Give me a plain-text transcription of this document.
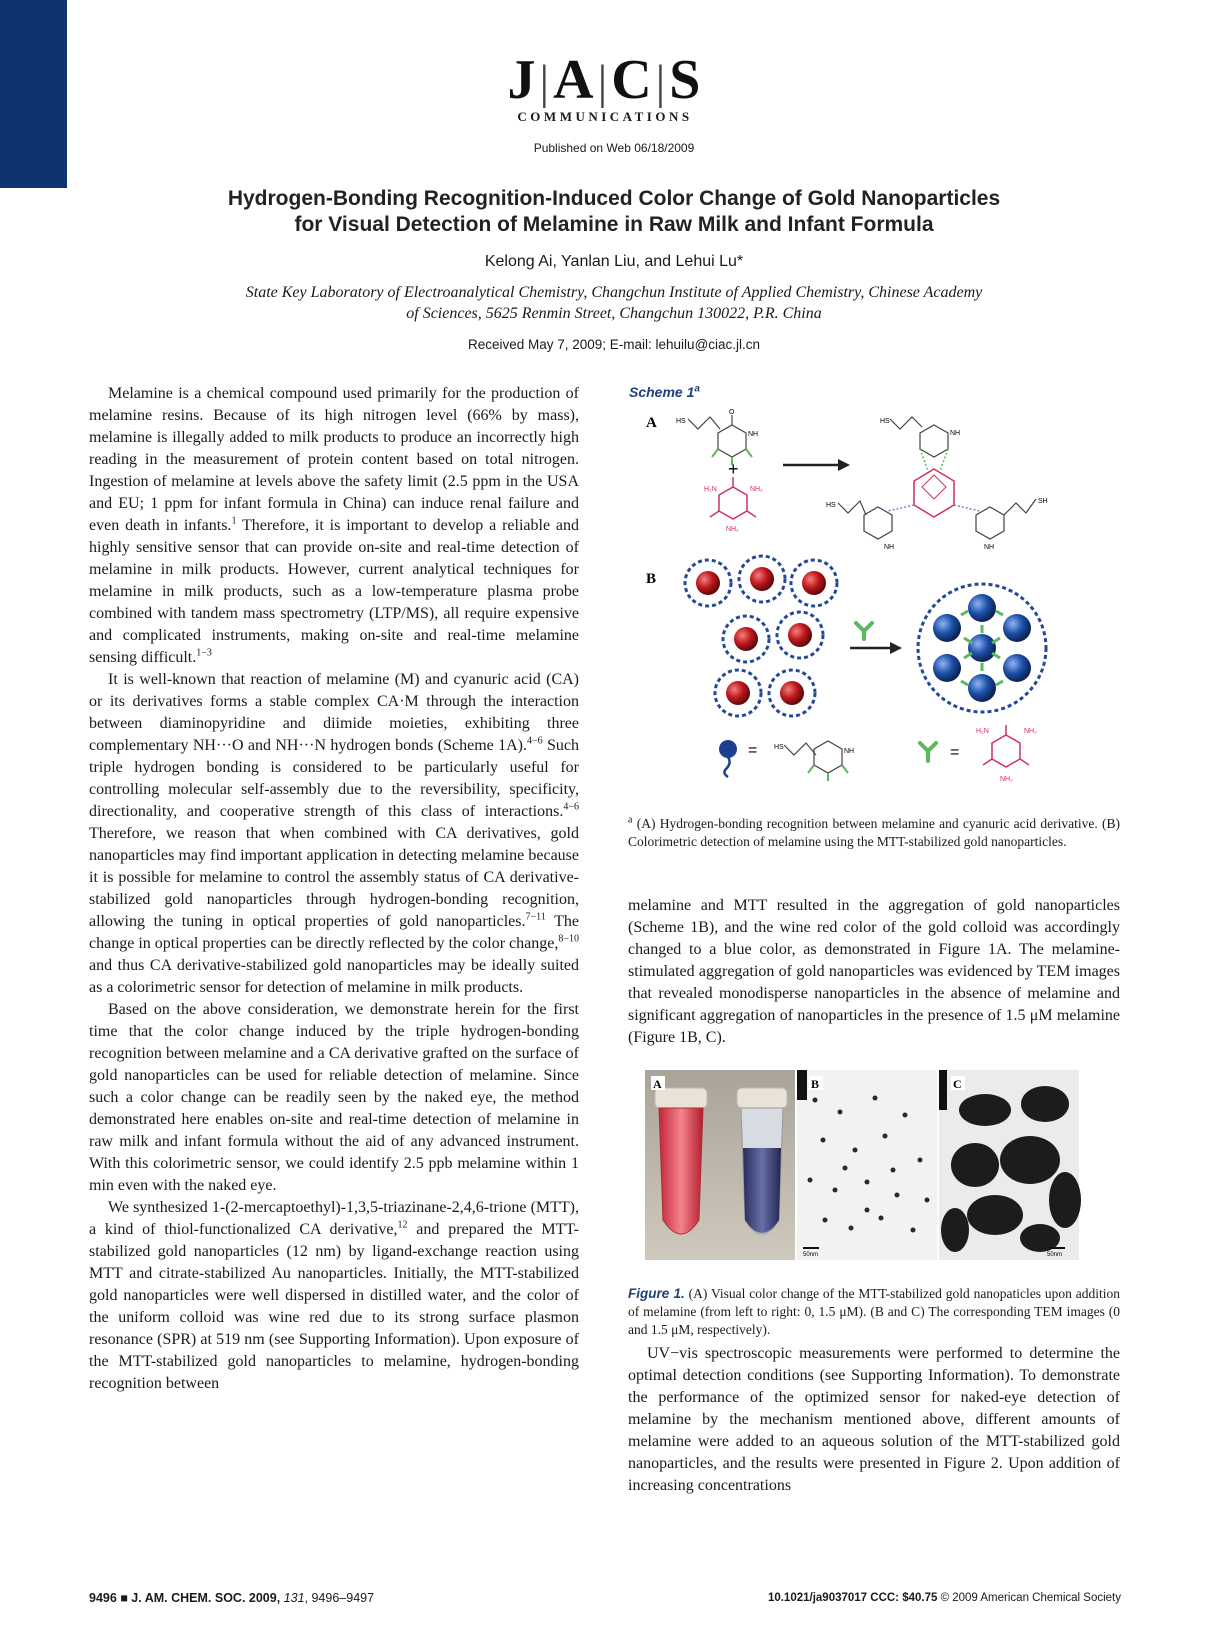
J|A|C|S
COMMUNICATIONS
Published on Web 06/18/2009
Hydrogen-Bonding Recognition-Induced Color Change of Gold Nanoparticles
for Visual Detection of Melamine in Raw Milk and Infant Formula
Kelong Ai, Yanlan Liu, and Lehui Lu*
State Key Laboratory of Electroanalytical Chemistry, Changchun Institute of Applied Chemistry, Chinese Academy
of Sciences, 5625 Renmin Street, Changchun 130022, P.R. China
Received May 7, 2009; E-mail: lehuilu@ciac.jl.cn

Melamine is a chemical compound used primarily for the production of melamine resins. Because of its high nitrogen level (66% by mass), melamine is illegally added to milk products to produce an incorrectly high reading in the measurement of protein content based on total nitrogen. Ingestion of melamine at levels above the safety limit (2.5 ppm in the USA and EU; 1 ppm for infant formula in China) can induce renal failure and even death in infants.$^1$ Therefore, it is important to develop a reliable and highly sensitive sensor that can provide on-site and real-time detection of melamine in milk products. However, current analytical techniques for melamine in milk products, such as a low-temperature plasma probe combined with tandem mass spectrometry (LTP/MS), all require expensive and complicated instruments, making on-site and real-time melamine sensing difficult.$^{1-3}$

It is well-known that reaction of melamine (M) and cyanuric acid (CA) or its derivatives forms a stable complex CA·M through the interaction between diaminopyridine and diimide moieties, exhibiting three complementary NH···O and NH···N hydrogen bonds (Scheme 1A).$^{4-6}$ Such triple hydrogen bonding is considered to be particularly useful for controlling molecular self-assembly due to the reversibility, specificity, directionality, and cooperative strength of this class of interactions.$^{4-6}$ Therefore, we reason that when combined with CA derivatives, gold nanoparticles may find important application in detecting melamine because it is possible for melamine to control the assembly status of CA derivative-stabilized gold nanoparticles through hydrogen-bonding recognition, allowing the tuning in optical properties of gold nanoparticles.$^{7-11}$ The change in optical properties can be directly reflected by the color change,$^{8-10}$ and thus CA derivative-stabilized gold nanoparticles may be ideally suited as a colorimetric sensor for detection of melamine in milk products.

Based on the above consideration, we demonstrate herein for the first time that the color change induced by the triple hydrogen-bonding recognition between melamine and a CA derivative grafted on the surface of gold nanoparticles can be used for reliable detection of melamine. Since such a color change can be readily seen by the naked eye, the method demonstrated here enables on-site and real-time detection of melamine in raw milk and infant formula without the aid of any advanced instrument. With this colorimetric sensor, we could identify 2.5 ppb melamine within 1 min even with the naked eye.

We synthesized 1-(2-mercaptoethyl)-1,3,5-triazinane-2,4,6-trione (MTT), a kind of thiol-functionalized CA derivative,$^{12}$ and prepared the MTT-stabilized gold nanoparticles (12 nm) by ligand-exchange reaction using MTT and citrate-stabilized Au nanoparticles. Initially, the MTT-stabilized gold nanoparticles were well dispersed in distilled water, and the color of the uniform colloid was wine red due to its strong surface plasmon resonance (SPR) at 519 nm (see Supporting Information). Upon exposure of the MTT-stabilized gold nanoparticles to melamine, hydrogen-bonding recognition between

Scheme 1$^a$
A	HS
O
NH
+
H₂N	NH₂
NH₂
HS
NH
HS
SH
NH	NH
B
= HS
NH	=
H₂N	NH₂
NH₂
$^a$ (A) Hydrogen-bonding recognition between melamine and cyanuric acid derivative. (B) Colorimetric detection of melamine using the MTT-stabilized gold nanoparticles.

melamine and MTT resulted in the aggregation of gold nanoparticles (Scheme 1B), and the wine red color of the gold colloid was accordingly changed to a blue color, as demonstrated in Figure 1A. The melamine-stimulated aggregation of gold nanoparticles was evidenced by TEM images that revealed monodisperse nanoparticles in the absence of melamine and significant aggregation of nanoparticles in the presence of 1.5 μM melamine (Figure 1B, C).

A	B
50nm
C
50nm
Figure 1. (A) Visual color change of the MTT-stabilized gold nanopaticles upon addition of melamine (from left to right: 0, 1.5 μM). (B and C) The corresponding TEM images (0 and 1.5 μM, respectively).

UV−vis spectroscopic measurements were performed to determine the optimal detection conditions (see Supporting Information). To demonstrate the performance of the optimized sensor for naked-eye detection of melamine by the mechanism mentioned above, different amounts of melamine were added to an aqueous solution of the MTT-stabilized gold nanoparticles, and the results were presented in Figure 2. Upon addition of increasing concentrations

9496 ■ J. AM. CHEM. SOC. 2009, 131, 9496–9497	10.1021/ja9037017 CCC: $40.75 © 2009 American Chemical Society
